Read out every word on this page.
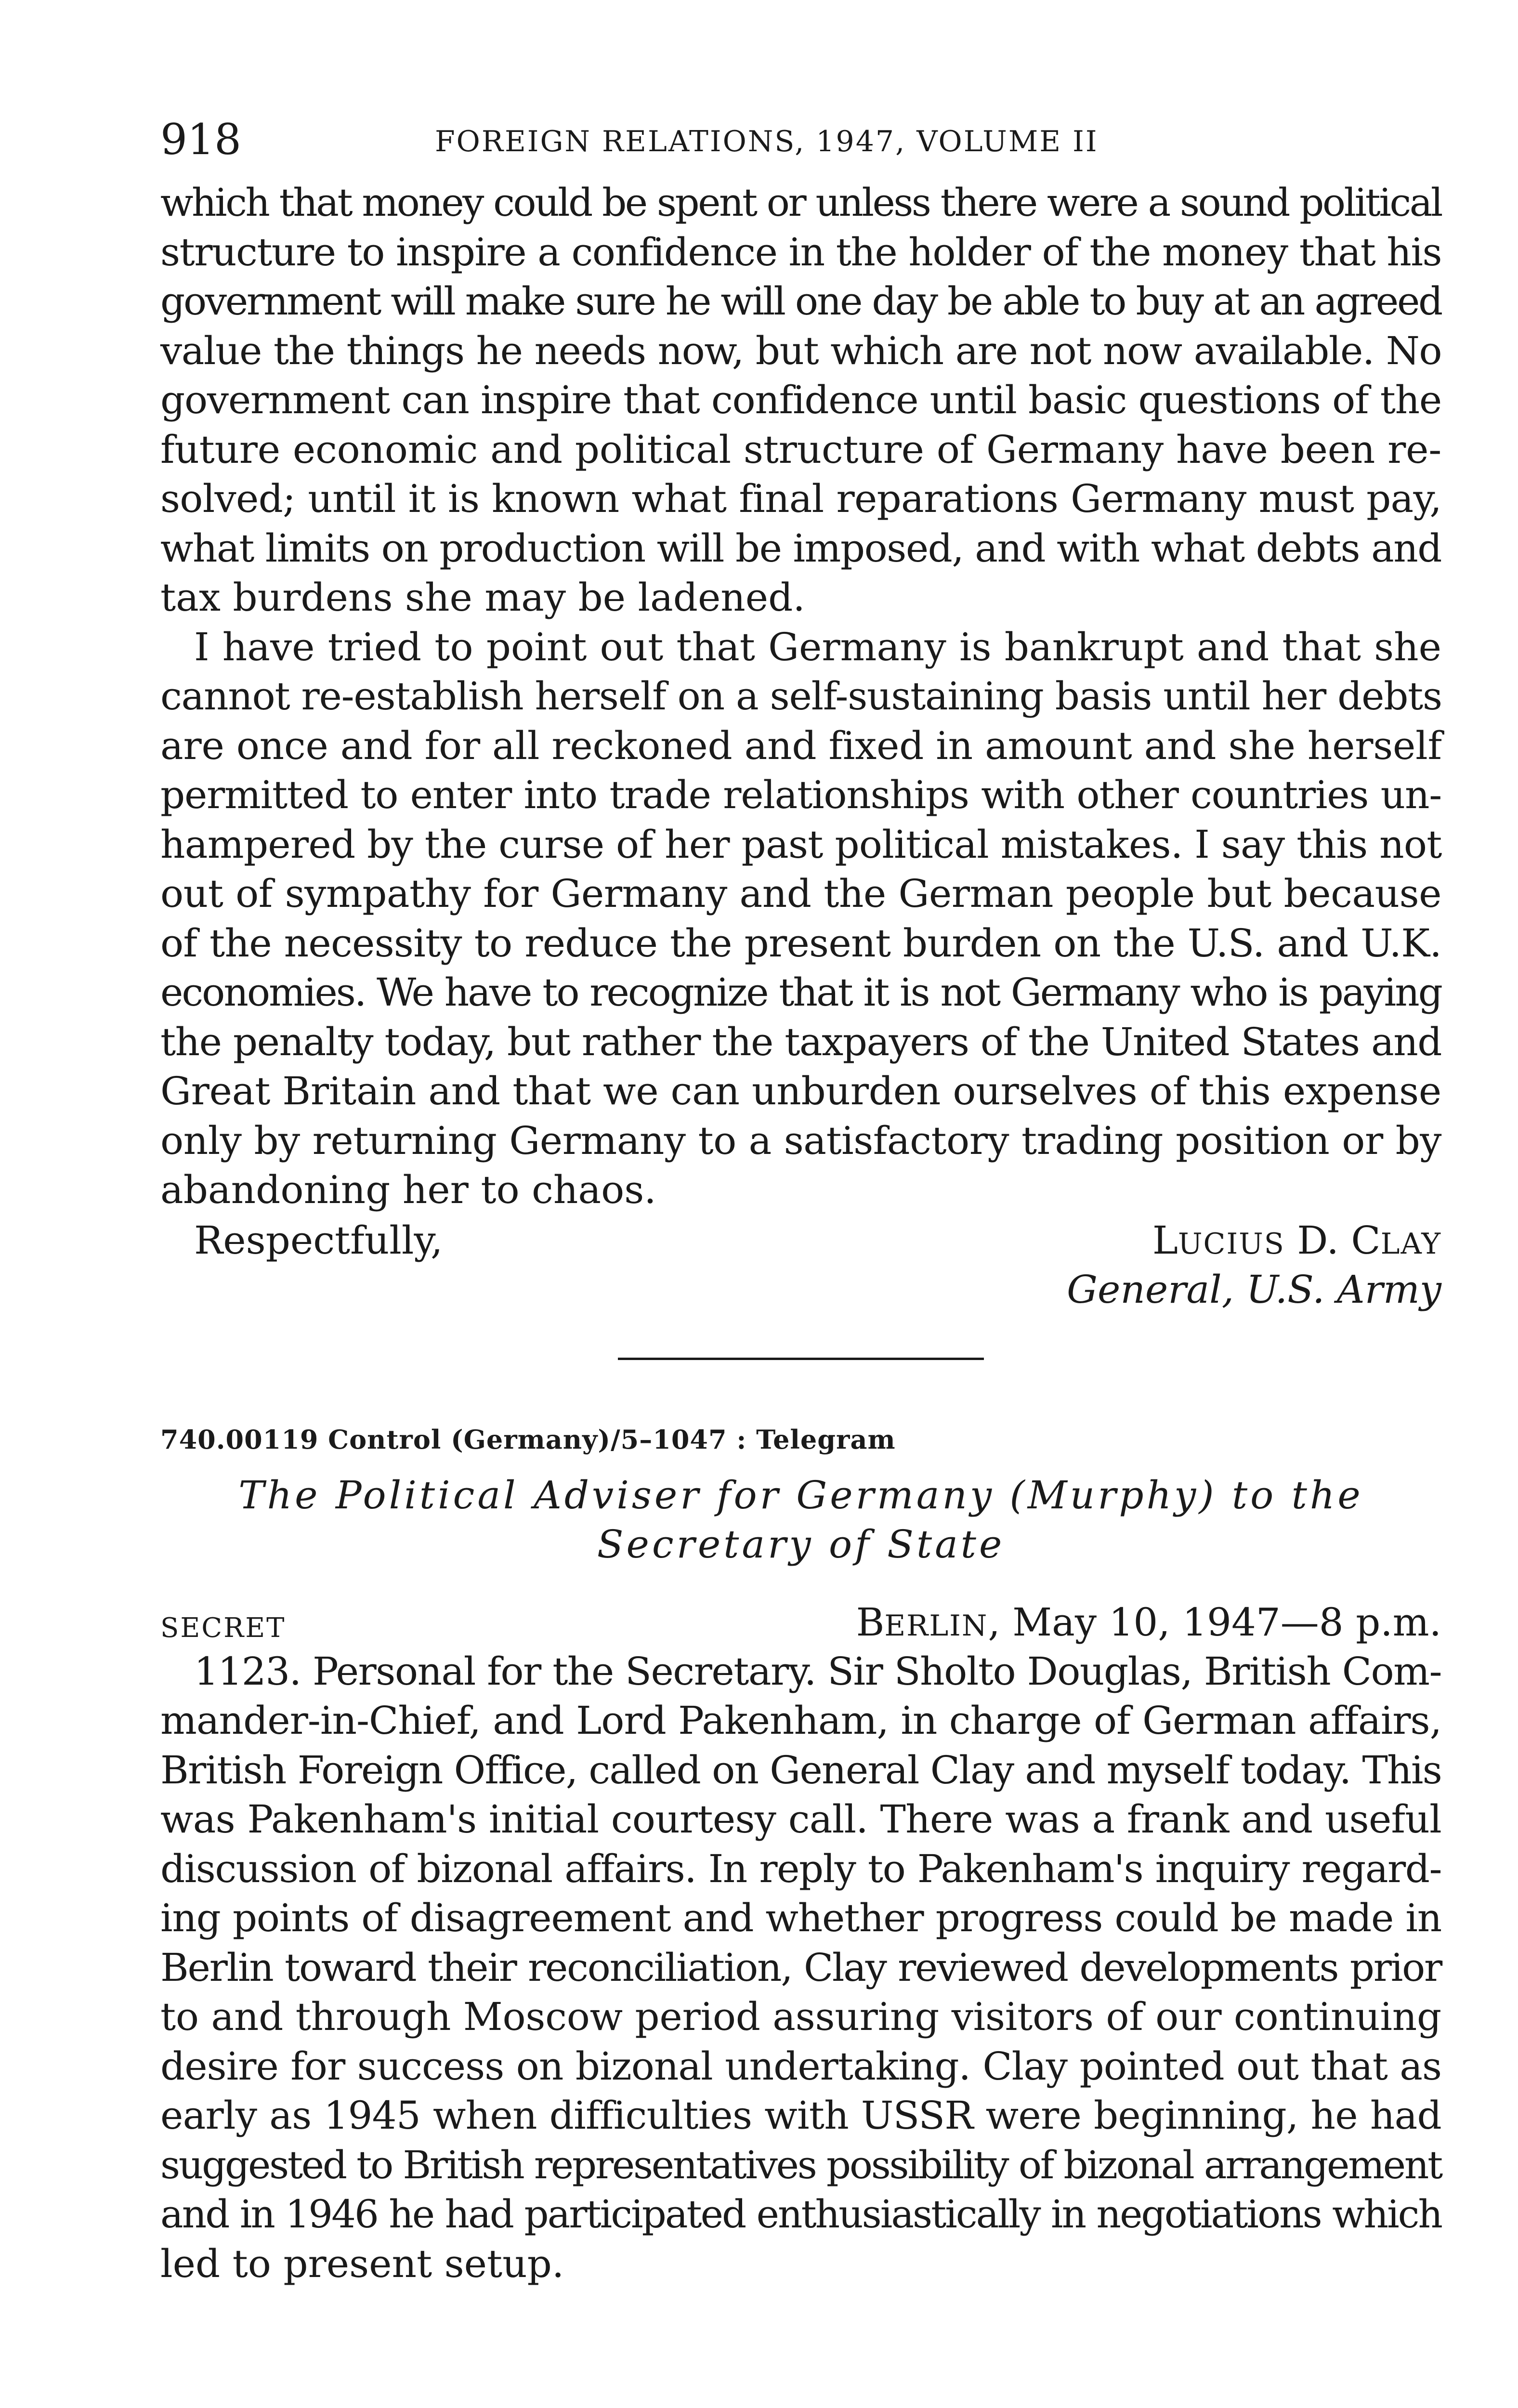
918	FOREIGN RELATIONS, 1947, VOLUME II
which that money could be spent or unless there were a sound political
structure to inspire a confidence in the holder of the money that his
government will make sure he will one day be able to buy at an agreed
value the things he needs now, but which are not now available. No
government can inspire that confidence until basic questions of the
future economic and political structure of Germany have been re-
solved; until it is known what final reparations Germany must pay,
what limits on production will be imposed, and with what debts and
tax burdens she may be ladened.
I have tried to point out that Germany is bankrupt and that she
cannot re-establish herself on a self-sustaining basis until her debts
are once and for all reckoned and fixed in amount and she herself
permitted to enter into trade relationships with other countries un-
hampered by the curse of her past political mistakes. I say this not
out of sympathy for Germany and the German people but because
of the necessity to reduce the present burden on the U.S. and U.K.
economies. We have to recognize that it is not Germany who is paying
the penalty today, but rather the taxpayers of the United States and
Great Britain and that we can unburden ourselves of this expense
only by returning Germany to a satisfactory trading position or by
abandoning her to chaos.
Respectfully,	LUCIUS D. CLAY
General, U.S. Army
740.00119 Control (Germany)/5–1047 : Telegram
The Political Adviser for Germany (Murphy) to the
Secretary of State
SECRET	BERLIN, May 10, 1947—8 p.m.
1123. Personal for the Secretary. Sir Sholto Douglas, British Com-
mander-in-Chief, and Lord Pakenham, in charge of German affairs,
British Foreign Office, called on General Clay and myself today. This
was Pakenham's initial courtesy call. There was a frank and useful
discussion of bizonal affairs. In reply to Pakenham's inquiry regard-
ing points of disagreement and whether progress could be made in
Berlin toward their reconciliation, Clay reviewed developments prior
to and through Moscow period assuring visitors of our continuing
desire for success on bizonal undertaking. Clay pointed out that as
early as 1945 when difficulties with USSR were beginning, he had
suggested to British representatives possibility of bizonal arrangement
and in 1946 he had participated enthusiastically in negotiations which
led to present setup.
